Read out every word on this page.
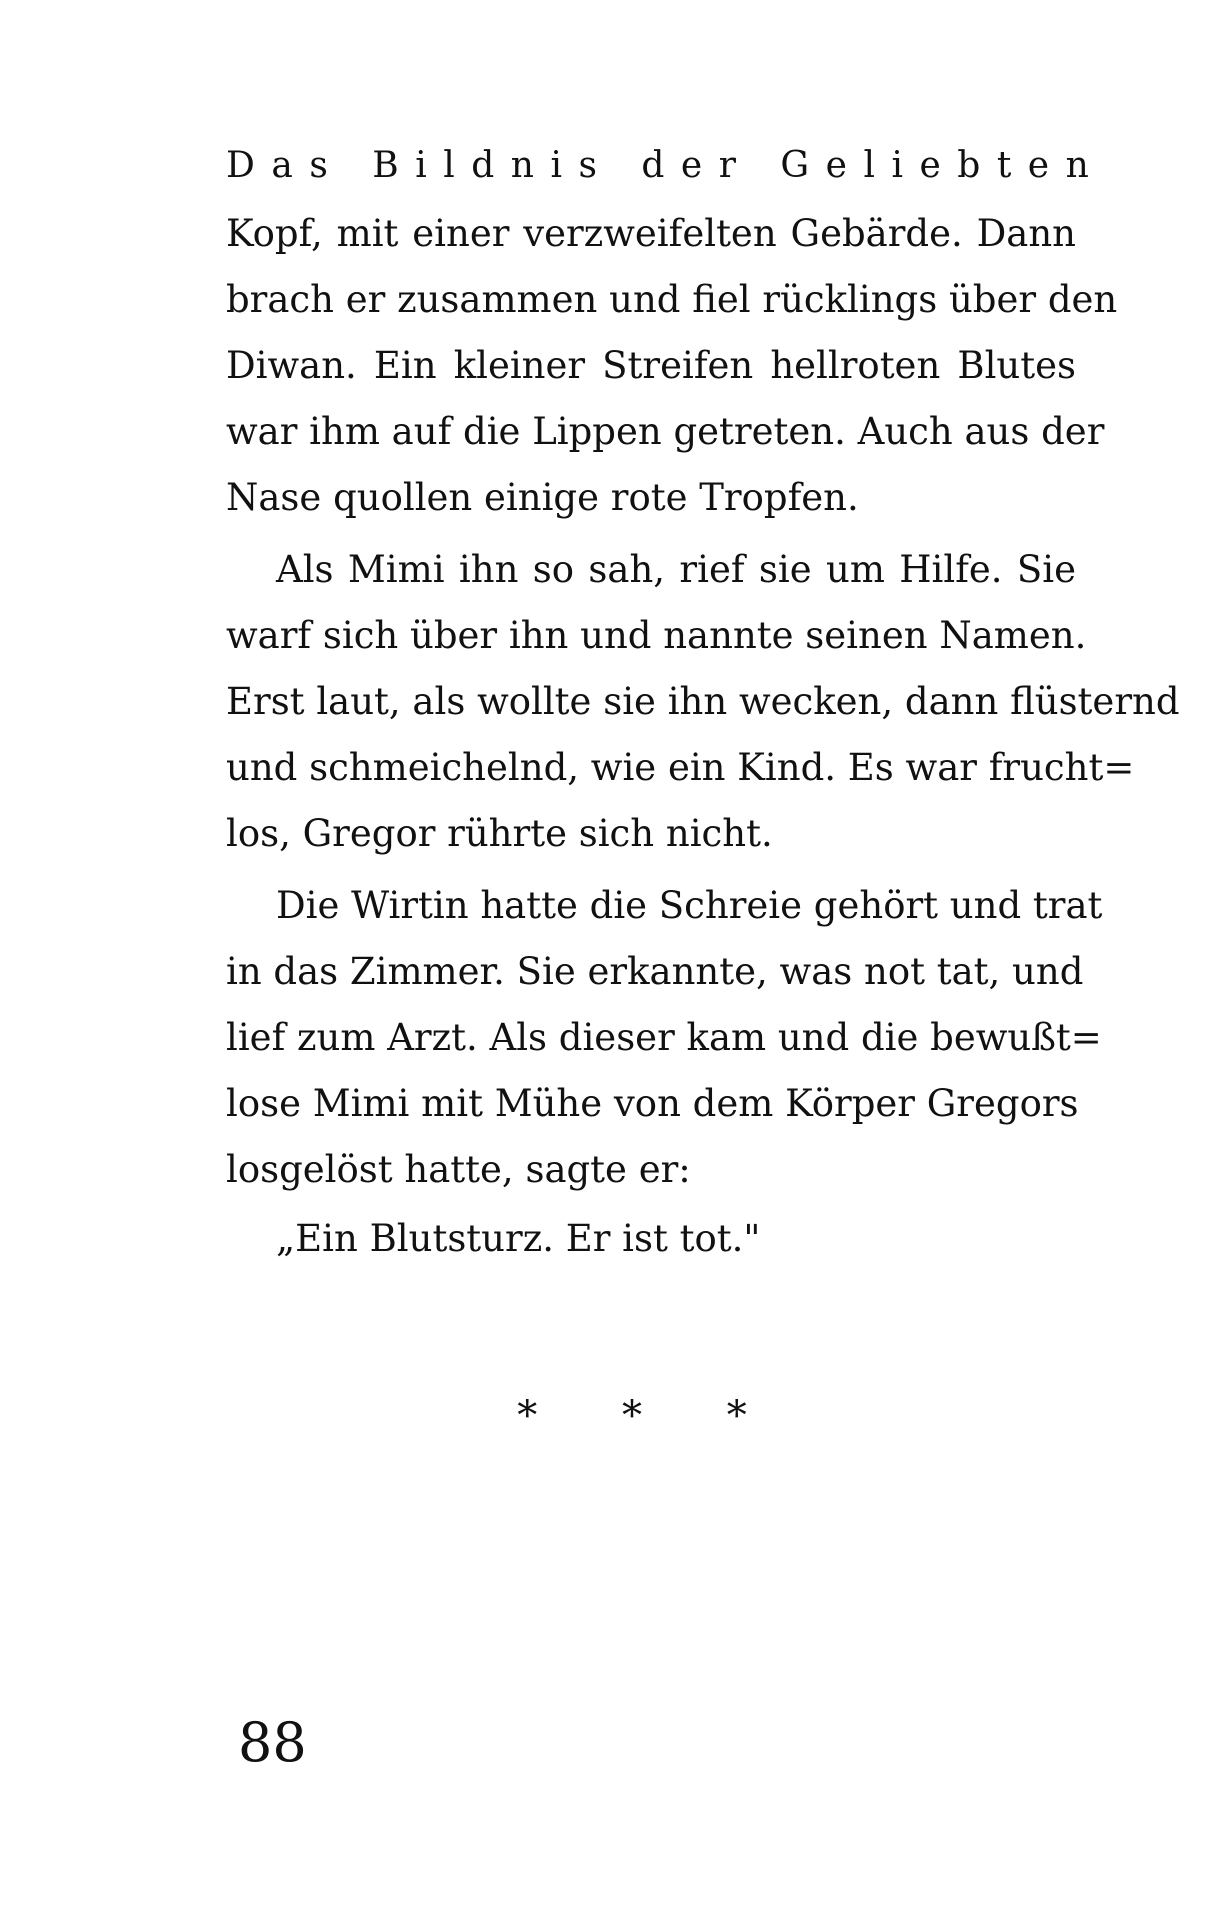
Das Bildnis der Geliebten
Kopf, mit einer verzweifelten Gebärde. Dann
brach er zusammen und fiel rücklings über den
Diwan. Ein kleiner Streifen hellroten Blutes
war ihm auf die Lippen getreten. Auch aus der
Nase quollen einige rote Tropfen.
Als Mimi ihn so sah, rief sie um Hilfe. Sie
warf sich über ihn und nannte seinen Namen.
Erst laut, als wollte sie ihn wecken, dann flüsternd
und schmeichelnd, wie ein Kind. Es war frucht=
los, Gregor rührte sich nicht.
Die Wirtin hatte die Schreie gehört und trat
in das Zimmer. Sie erkannte, was not tat, und
lief zum Arzt. Als dieser kam und die bewußt=
lose Mimi mit Mühe von dem Körper Gregors
losgelöst hatte, sagte er:
„Ein Blutsturz. Er ist tot."
* * *
88
